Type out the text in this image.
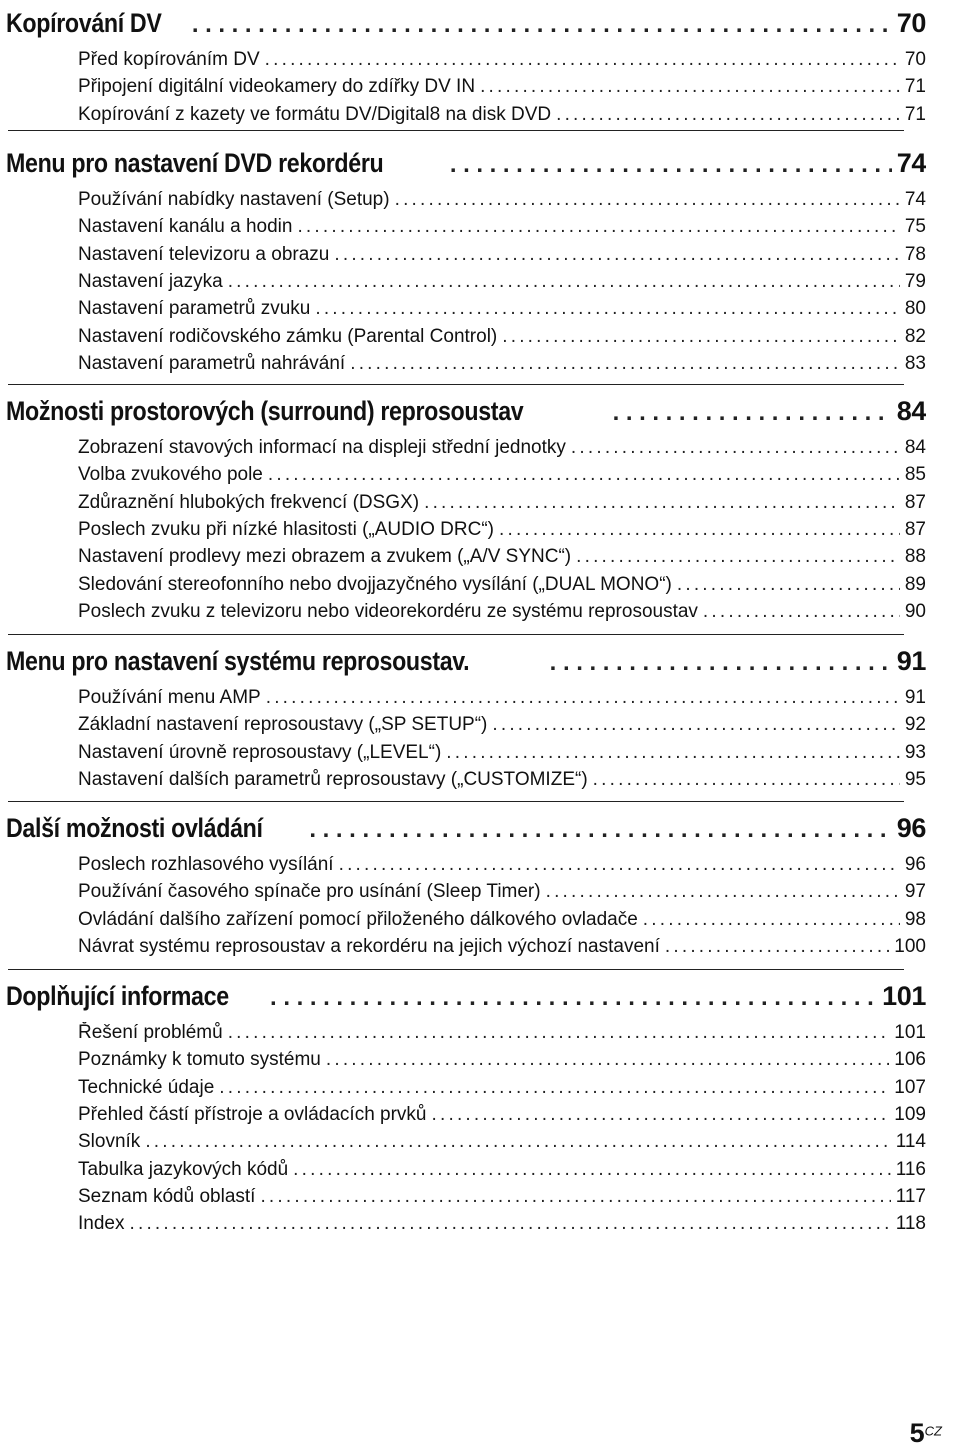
Kopírování DV .....	70
Před kopírováním DV .....	70
Připojení digitální videokamery do zdířky DV IN .....	71
Kopírování z kazety ve formátu DV/Digital8 na disk DVD .....	71
Menu pro nastavení DVD rekordéru .....	74
Používání nabídky nastavení (Setup) .....	74
Nastavení kanálu a hodin .....	75
Nastavení televizoru a obrazu .....	78
Nastavení jazyka .....	79
Nastavení parametrů zvuku .....	80
Nastavení rodičovského zámku (Parental Control) .....	82
Nastavení parametrů nahrávání .....	83
Možnosti prostorových (surround) reprosoustav .....	84
Zobrazení stavových informací na displeji střední jednotky .....	84
Volba zvukového pole .....	85
Zdůraznění hlubokých frekvencí (DSGX) .....	87
Poslech zvuku při nízké hlasitosti („AUDIO DRC“) .....	87
Nastavení prodlevy mezi obrazem a zvukem („A/V SYNC“) .....	88
Sledování stereofonního nebo dvojjazyčného vysílání („DUAL MONO“) .....	89
Poslech zvuku z televizoru nebo videorekordéru ze systému reprosoustav .....	90
Menu pro nastavení systému reprosoustav. .....	91
Používání menu AMP .....	91
Základní nastavení reprosoustavy („SP SETUP“) .....	92
Nastavení úrovně reprosoustavy („LEVEL“) .....	93
Nastavení dalších parametrů reprosoustavy („CUSTOMIZE“) .....	95
Další možnosti ovládání .....	96
Poslech rozhlasového vysílání .....	96
Používání časového spínače pro usínání (Sleep Timer) .....	97
Ovládání dalšího zařízení pomocí přiloženého dálkového ovladače .....	98
Návrat systému reprosoustav a rekordéru na jejich výchozí nastavení .....	100
Doplňující informace .....	101
Řešení problémů .....	101
Poznámky k tomuto systému .....	106
Technické údaje .....	107
Přehled částí přístroje a ovládacích prvků .....	109
Slovník .....	114
Tabulka jazykových kódů .....	116
Seznam kódů oblastí .....	117
Index .....	118
$5^{CZ}$
